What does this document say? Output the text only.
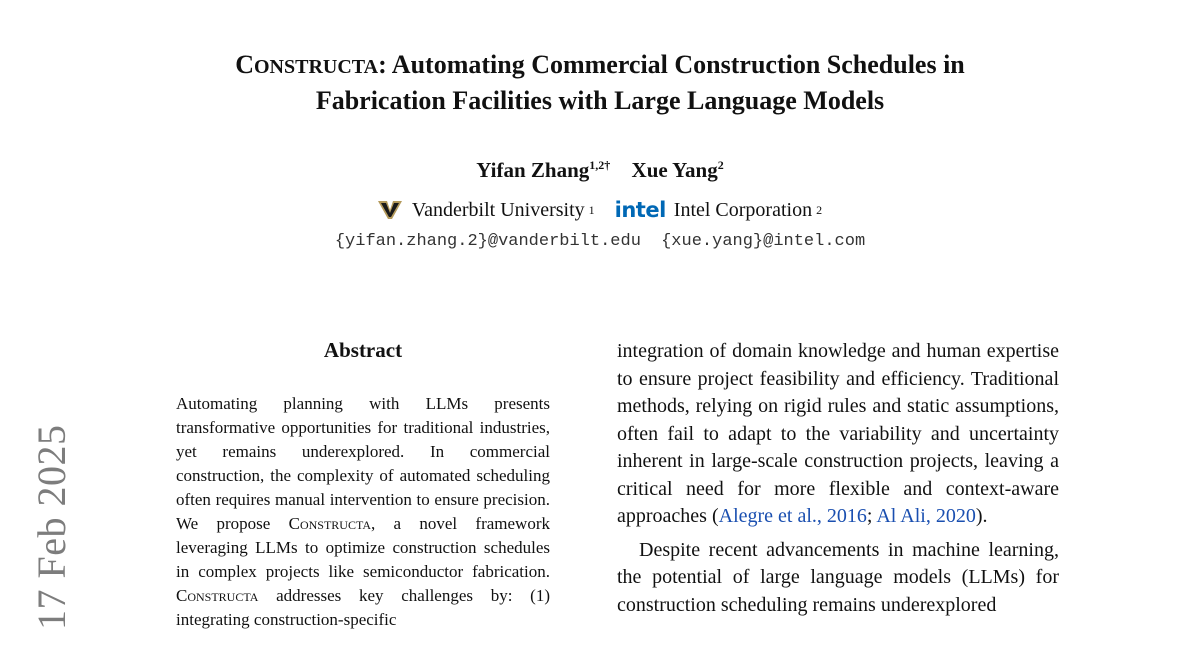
17 Feb 2025
CONSTRUCTA: Automating Commercial Construction Schedules in
Fabrication Facilities with Large Language Models
Yifan Zhang$^{1,2\dagger}$ Xue Yang$^2$
Vanderbilt University 1 intel Intel Corporation 2
{yifan.zhang.2}@vanderbilt.edu {xue.yang}@intel.com
Abstract

Automating planning with LLMs presents transformative opportunities for traditional industries, yet remains underexplored. In commercial construction, the complexity of automated scheduling often requires manual intervention to ensure precision. We propose Constructa, a novel framework leveraging LLMs to optimize construction schedules in complex projects like semiconductor fabrication. Constructa addresses key challenges by: (1) integrating construction-specific

integration of domain knowledge and human expertise to ensure project feasibility and efficiency. Traditional methods, relying on rigid rules and static assumptions, often fail to adapt to the variability and uncertainty inherent in large-scale construction projects, leaving a critical need for more flexible and context-aware approaches (Alegre et al., 2016; Al Ali, 2020).

Despite recent advancements in machine learning, the potential of large language models (LLMs) for construction scheduling remains underexplored
